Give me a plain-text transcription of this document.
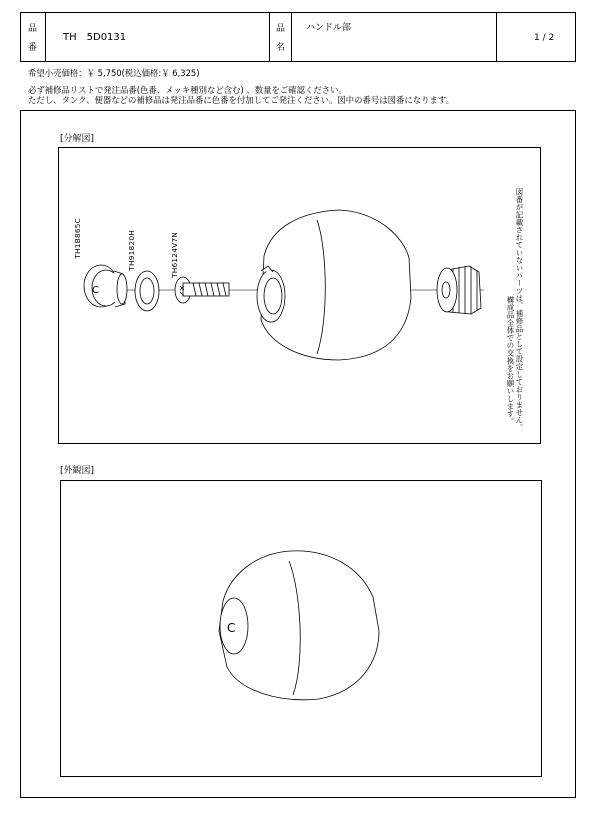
品
番
TH　5D0131
品
名
ハンドル部
1 / 2
希望小売価格：￥ 5,750(税込価格:￥ 6,325)
必ず補修品リストで発注品番(色番、メッキ種別など含む) 、数量をご確認ください。
ただし、タンク、便器などの補修品は発注品番に色番を付加してご発注ください。図中の番号は図番になります。
[分解図]
C
TH1B865C	TH91820H	TH6124V7N	図番が記載されていないパーツは、補修品として設定しておりません。
構成品全体での交換をお願いします。
[外観図]
C
